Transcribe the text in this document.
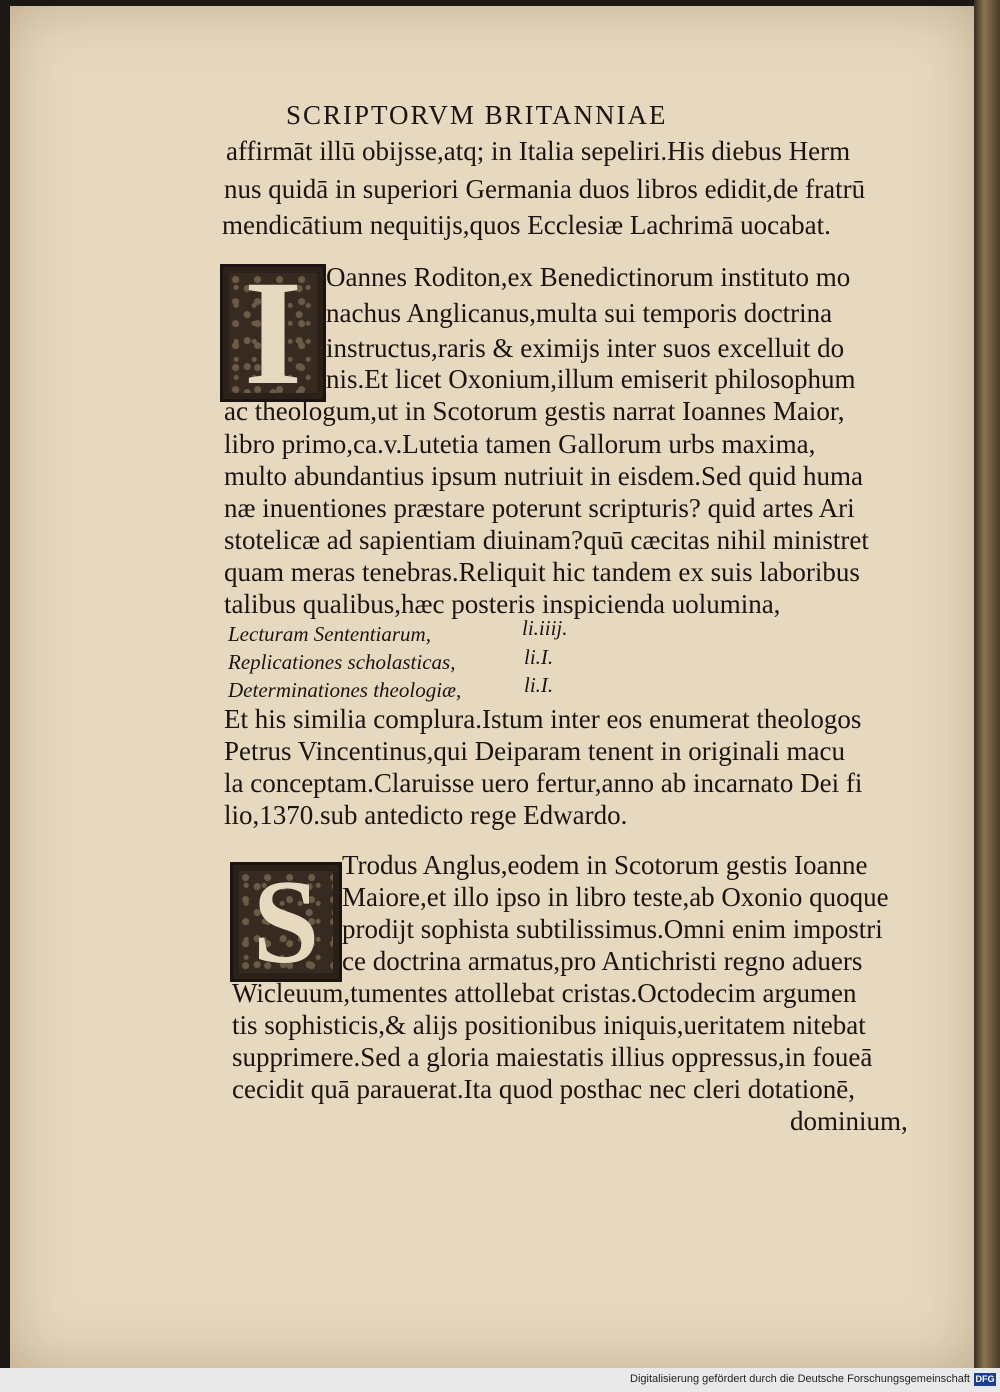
SCRIPTORVM BRITANNIAE
affirmāt illū obijsse,atq; in Italia sepeliri.His diebus Herm
nus quidā in superiori Germania duos libros edidit,de fratrū
mendicātium nequitijs,quos Ecclesiæ Lachrimā uocabat.
I Oannes Roditon,ex Benedictinorum instituto mo
nachus Anglicanus,multa sui temporis doctrina
instructus,raris & eximijs inter suos excelluit do
nis.Et licet Oxonium,illum emiserit philosophum
ac theologum,ut in Scotorum gestis narrat Ioannes Maior,
libro primo,ca.v.Lutetia tamen Gallorum urbs maxima,
multo abundantius ipsum nutriuit in eisdem.Sed quid huma
næ inuentiones præstare poterunt scripturis? quid artes Ari
stotelicæ ad sapientiam diuinam?quū cæcitas nihil ministret
quam meras tenebras.Reliquit hic tandem ex suis laboribus
talibus qualibus,hæc posteris inspicienda uolumina,
Lecturam Sententiarum,	li.iiij.
Replicationes scholasticas,	li.I.
Determinationes theologiæ,	li.I.
Et his similia complura.Istum inter eos enumerat theologos
Petrus Vincentinus,qui Deiparam tenent in originali macu
la conceptam.Claruisse uero fertur,anno ab incarnato Dei fi
lio,1370.sub antedicto rege Edwardo.
S Trodus Anglus,eodem in Scotorum gestis Ioanne
Maiore,et illo ipso in libro teste,ab Oxonio quoque
prodijt sophista subtilissimus.Omni enim impostri
ce doctrina armatus,pro Antichristi regno aduers
Wicleuum,tumentes attollebat cristas.Octodecim argumen
tis sophisticis,& alijs positionibus iniquis,ueritatem nitebat
supprimere.Sed a gloria maiestatis illius oppressus,in foueā
cecidit quā parauerat.Ita quod posthac nec cleri dotationē,
dominium,
Digitalisierung gefördert durch die Deutsche Forschungsgemeinschaft DFG
